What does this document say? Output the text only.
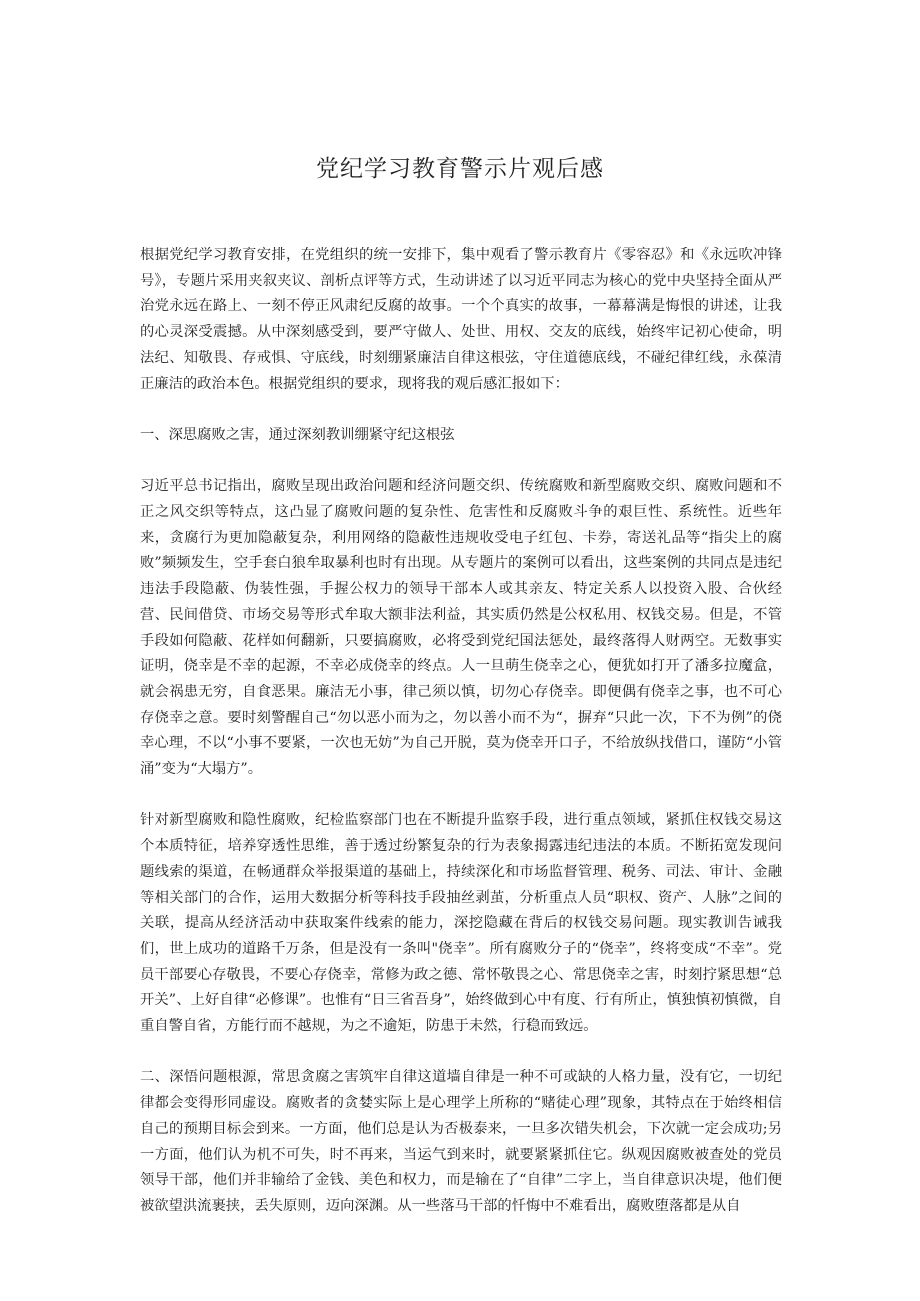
党纪学习教育警示片观后感

根据党纪学习教育安排，在党组织的统一安排下，集中观看了警示教育片《零容忍》和《永远吹冲锋号》，专题片采用夹叙夹议、剖析点评等方式，生动讲述了以习近平同志为核心的党中央坚持全面从严治党永远在路上、一刻不停正风肃纪反腐的故事。一个个真实的故事，一幕幕满是悔恨的讲述，让我的心灵深受震撼。从中深刻感受到，要严守做人、处世、用权、交友的底线，始终牢记初心使命，明法纪、知敬畏、存戒惧、守底线，时刻绷紧廉洁自律这根弦，守住道德底线，不碰纪律红线，永葆清正廉洁的政治本色。根据党组织的要求，现将我的观后感汇报如下：

一、深思腐败之害，通过深刻教训绷紧守纪这根弦

习近平总书记指出，腐败呈现出政治问题和经济问题交织、传统腐败和新型腐败交织、腐败问题和不正之风交织等特点，这凸显了腐败问题的复杂性、危害性和反腐败斗争的艰巨性、系统性。近些年来，贪腐行为更加隐蔽复杂，利用网络的隐蔽性违规收受电子红包、卡券，寄送礼品等“指尖上的腐败”频频发生，空手套白狼牟取暴利也时有出现。从专题片的案例可以看出，这些案例的共同点是违纪违法手段隐蔽、伪装性强，手握公权力的领导干部本人或其亲友、特定关系人以投资入股、合伙经营、民间借贷、市场交易等形式牟取大额非法利益，其实质仍然是公权私用、权钱交易。但是，不管手段如何隐蔽、花样如何翻新，只要搞腐败，必将受到党纪国法惩处，最终落得人财两空。无数事实证明，侥幸是不幸的起源，不幸必成侥幸的终点。人一旦萌生侥幸之心，便犹如打开了潘多拉魔盒，就会祸患无穷，自食恶果。廉洁无小事，律己须以慎，切勿心存侥幸。即便偶有侥幸之事，也不可心存侥幸之意。要时刻警醒自己“勿以恶小而为之，勿以善小而不为“，摒弃“只此一次，下不为例”的侥幸心理，不以“小事不要紧，一次也无妨”为自己开脱，莫为侥幸开口子，不给放纵找借口，谨防“小管涌”变为“大塌方”。

针对新型腐败和隐性腐败，纪检监察部门也在不断提升监察手段，进行重点领域，紧抓住权钱交易这个本质特征，培养穿透性思维，善于透过纷繁复杂的行为表象揭露违纪违法的本质。不断拓宽发现问题线索的渠道，在畅通群众举报渠道的基础上，持续深化和市场监督管理、税务、司法、审计、金融等相关部门的合作，运用大数据分析等科技手段抽丝剥茧，分析重点人员“职权、资产、人脉”之间的关联，提高从经济活动中获取案件线索的能力，深挖隐藏在背后的权钱交易问题。现实教训告诫我们，世上成功的道路千万条，但是没有一条叫"侥幸”。所有腐败分子的“侥幸”，终将变成“不幸”。党员干部要心存敬畏，不要心存侥幸，常修为政之德、常怀敬畏之心、常思侥幸之害，时刻拧紧思想“总开关”、上好自律“必修课”。也惟有“日三省吾身”，始终做到心中有度、行有所止，慎独慎初慎微，自重自警自省，方能行而不越规，为之不逾矩，防患于未然，行稳而致远。

二、深悟问题根源，常思贪腐之害筑牢自律这道墙自律是一种不可或缺的人格力量，没有它，一切纪律都会变得形同虚设。腐败者的贪婪实际上是心理学上所称的“赌徒心理”现象，其特点在于始终相信自己的预期目标会到来。一方面，他们总是认为否极泰来，一旦多次错失机会，下次就一定会成功;另一方面，他们认为机不可失，时不再来，当运气到来时，就要紧紧抓住它。纵观因腐败被查处的党员领导干部，他们并非输给了金钱、美色和权力，而是输在了“自律”二字上，当自律意识决堤，他们便被欲望洪流裹挟，丢失原则，迈向深渊。从一些落马干部的忏悔中不难看出，腐败堕落都是从自
